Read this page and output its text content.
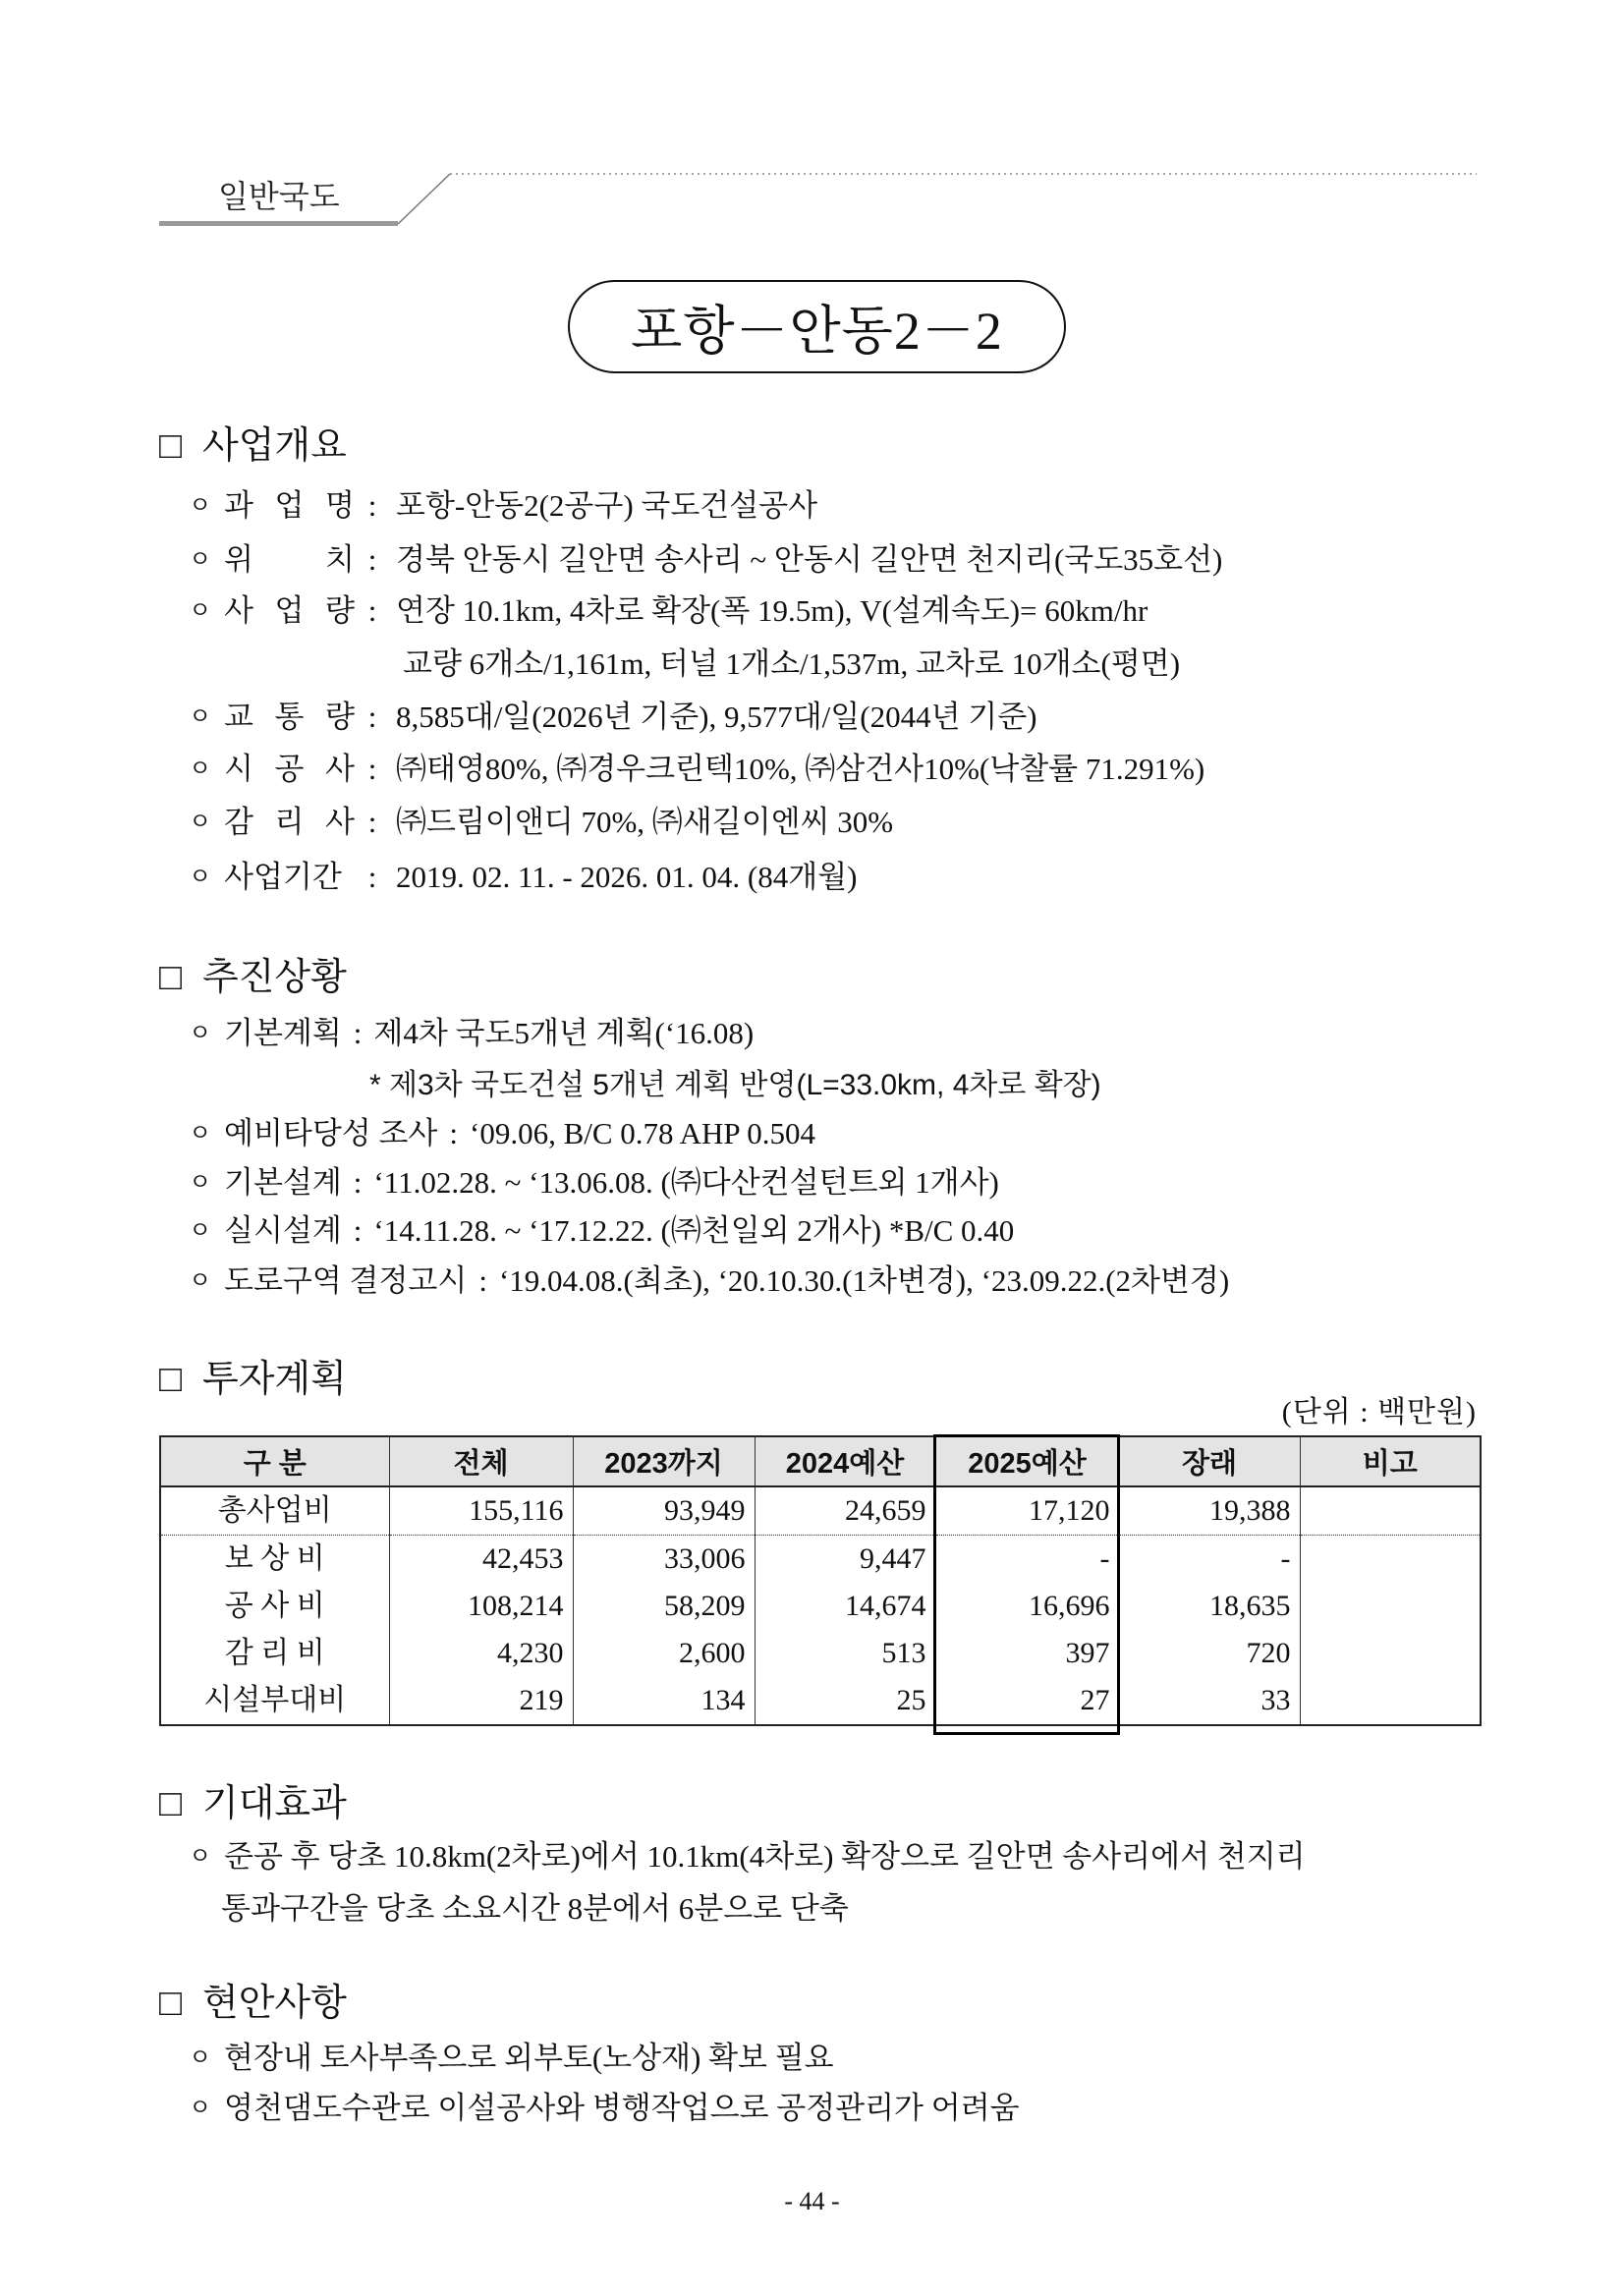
일반국도
포항－안동2－2
□ 사업개요
ㅇ 과 업 명 : 포항-안동2(2공구) 국도건설공사
ㅇ 위 치 : 경북 안동시 길안면 송사리 ~ 안동시 길안면 천지리(국도35호선)
ㅇ 사 업 량 : 연장 10.1km, 4차로 확장(폭 19.5m), V(설계속도)= 60km/hr
교량 6개소/1,161m, 터널 1개소/1,537m, 교차로 10개소(평면)
ㅇ 교 통 량 : 8,585대/일(2026년 기준), 9,577대/일(2044년 기준)
ㅇ 시 공 사 : ㈜태영80%, ㈜경우크린텍10%, ㈜삼건사10%(낙찰률 71.291%)
ㅇ 감 리 사 : ㈜드림이앤디 70%, ㈜새길이엔씨 30%
ㅇ 사업기간 : 2019. 02. 11. - 2026. 01. 04. (84개월)
□ 추진상황
ㅇ 기본계획 : 제4차 국도5개년 계획(‘16.08)
* 제3차 국도건설 5개년 계획 반영(L=33.0km, 4차로 확장)
ㅇ 예비타당성 조사 : ‘09.06, B/C 0.78 AHP 0.504
ㅇ 기본설계 : ‘11.02.28. ~ ‘13.06.08. (㈜다산컨설턴트외 1개사)
ㅇ 실시설계 : ‘14.11.28. ~ ‘17.12.22. (㈜천일외 2개사) *B/C 0.40
ㅇ 도로구역 결정고시 : ‘19.04.08.(최초), ‘20.10.30.(1차변경), ‘23.09.22.(2차변경)
□ 투자계획
(단위 : 백만원)
구 분	전체	2023까지	2024예산	2025예산	장래	비고
총사업비	155,116	93,949	24,659	17,120	19,388	
보 상 비	42,453	33,006	9,447	-	-	
공 사 비	108,214	58,209	14,674	16,696	18,635	
감 리 비	4,230	2,600	513	397	720	
시설부대비	219	134	25	27	33	
□ 기대효과
ㅇ 준공 후 당초 10.8km(2차로)에서 10.1km(4차로) 확장으로 길안면 송사리에서 천지리
통과구간을 당초 소요시간 8분에서 6분으로 단축
□ 현안사항
ㅇ 현장내 토사부족으로 외부토(노상재) 확보 필요
ㅇ 영천댐도수관로 이설공사와 병행작업으로 공정관리가 어려움
- 44 -
